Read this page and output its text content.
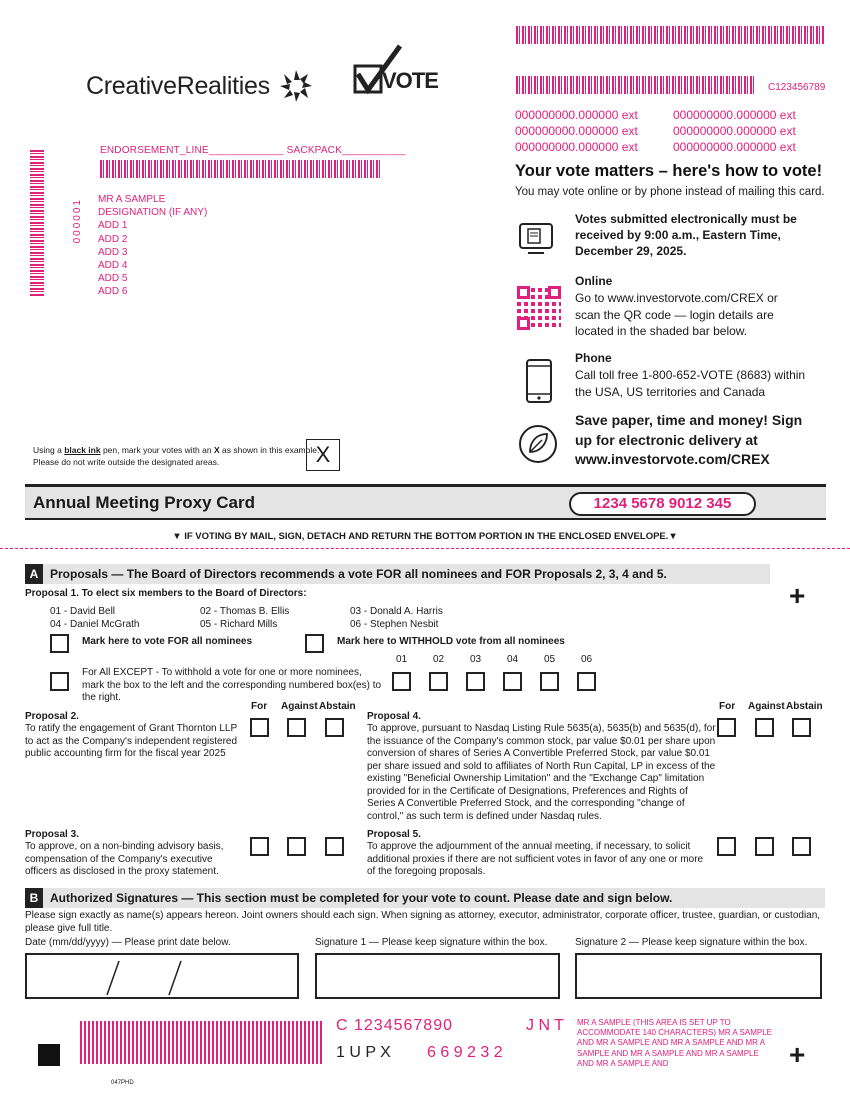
CreativeRealities	VOTE	C123456789
000000000.000000 ext	000000000.000000 ext
000000000.000000 ext	000000000.000000 ext
000000000.000000 ext	000000000.000000 ext
ENDORSEMENT_LINE_____________ SACKPACK___________
000001 MR A SAMPLE
DESIGNATION (IF ANY)
ADD 1
ADD 2
ADD 3
ADD 4
ADD 5
ADD 6
Your vote matters – here's how to vote!
You may vote online or by phone instead of mailing this card.
Votes submitted electronically must be received by 9:00 a.m., Eastern Time, December 29, 2025.
Online
Go to www.investorvote.com/CREX or scan the QR code — login details are located in the shaded bar below.
Phone
Call toll free 1-800-652-VOTE (8683) within the USA, US territories and Canada
Save paper, time and money! Sign up for electronic delivery at www.investorvote.com/CREX
Using a black ink pen, mark your votes with an X as shown in this example.
Please do not write outside the designated areas.	X
Annual Meeting Proxy Card	1234 5678 9012 345
▼ IF VOTING BY MAIL, SIGN, DETACH AND RETURN THE BOTTOM PORTION IN THE ENCLOSED ENVELOPE.▼
A Proposals — The Board of Directors recommends a vote FOR all nominees and FOR Proposals 2, 3, 4 and 5.
+
Proposal 1. To elect six members to the Board of Directors:
01 - David Bell	02 - Thomas B. Ellis	03 - Donald A. Harris
04 - Daniel McGrath	05 - Richard Mills	06 - Stephen Nesbit
Mark here to vote FOR all nominees	Mark here to WITHHOLD vote from all nominees
01	02	03	04	05	06
For All EXCEPT - To withhold a vote for one or more nominees, mark the box to the left and the corresponding numbered box(es) to the right.
For Against Abstain	For Against Abstain
Proposal 2.
To ratify the engagement of Grant Thornton LLP to act as the Company's independent registered public accounting firm for the fiscal year 2025
Proposal 4.
To approve, pursuant to Nasdaq Listing Rule 5635(a), 5635(b) and 5635(d), for the issuance of the Company's common stock, par value $0.01 per share upon conversion of shares of Series A Convertible Preferred Stock, par value $0.01 per share issued and sold to affiliates of North Run Capital, LP in excess of the existing "Beneficial Ownership Limitation" and the "Exchange Cap" limitation provided for in the Certificate of Designations, Preferences and Rights of Series A Convertible Preferred Stock, and the corresponding "change of control," as such term is defined under Nasdaq rules.
Proposal 3.
To approve, on a non-binding advisory basis, compensation of the Company's executive officers as disclosed in the proxy statement.
Proposal 5.
To approve the adjournment of the annual meeting, if necessary, to solicit additional proxies if there are not sufficient votes in favor of any one or more of the foregoing proposals.
B Authorized Signatures — This section must be completed for your vote to count. Please date and sign below.
Please sign exactly as name(s) appears hereon. Joint owners should each sign. When signing as attorney, executor, administrator, corporate officer, trustee, guardian, or custodian, please give full title.
Date (mm/dd/yyyy) — Please print date below.	Signature 1 — Please keep signature within the box.	Signature 2 — Please keep signature within the box.
C 1234567890	J N T
1 U P X 6 6 9 2 3 2
MR A SAMPLE (THIS AREA IS SET UP TO ACCOMMODATE 140 CHARACTERS) MR A SAMPLE AND MR A SAMPLE AND MR A SAMPLE AND MR A SAMPLE AND MR A SAMPLE AND MR A SAMPLE AND MR A SAMPLE AND	+
047PHD
